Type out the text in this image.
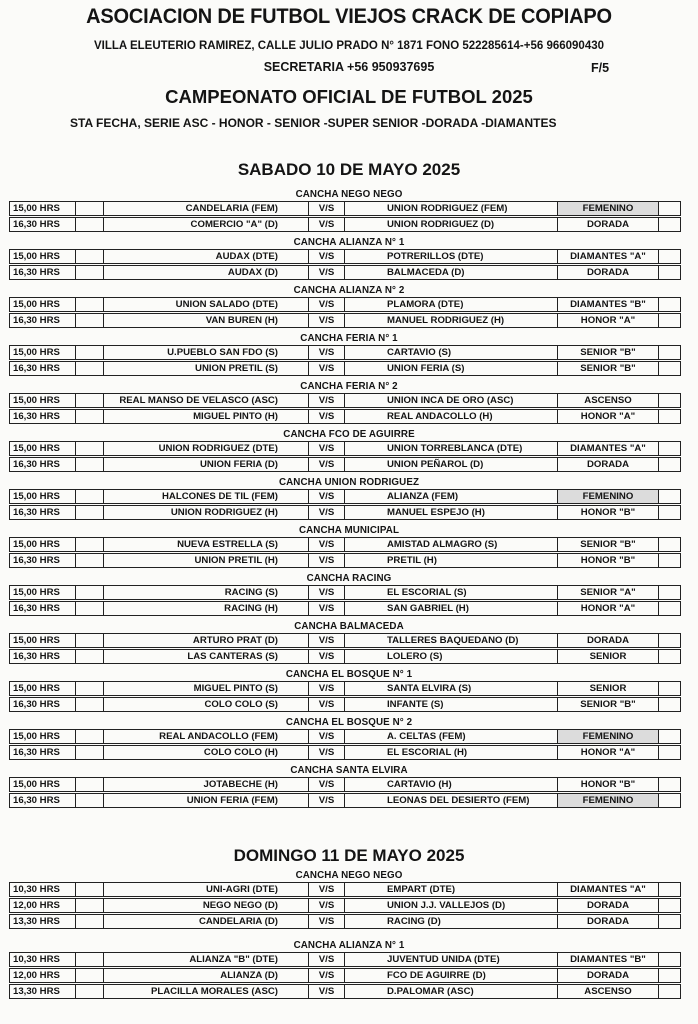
ASOCIACION DE FUTBOL VIEJOS CRACK DE COPIAPO
VILLA ELEUTERIO RAMIREZ, CALLE JULIO PRADO N° 1871 FONO 522285614-+56 966090430
SECRETARIA +56 950937695	F/5
CAMPEONATO OFICIAL DE FUTBOL 2025
STA FECHA, SERIE ASC - HONOR - SENIOR -SUPER SENIOR -DORADA -DIAMANTES
SABADO 10 DE MAYO 2025
CANCHA NEGO NEGO
15,00 HRS	CANDELARIA (FEM)	V/S	UNION RODRIGUEZ (FEM)	FEMENINO
16,30 HRS	COMERCIO "A" (D)	V/S	UNION RODRIGUEZ (D)	DORADA
CANCHA ALIANZA N° 1
15,00 HRS	AUDAX (DTE)	V/S	POTRERILLOS (DTE)	DIAMANTES "A"
16,30 HRS	AUDAX (D)	V/S	BALMACEDA (D)	DORADA
CANCHA ALIANZA N° 2
15,00 HRS	UNION SALADO (DTE)	V/S	PLAMORA (DTE)	DIAMANTES "B"
16,30 HRS	VAN BUREN (H)	V/S	MANUEL RODRIGUEZ (H)	HONOR "A"
CANCHA FERIA N° 1
15,00 HRS	U.PUEBLO SAN FDO (S)	V/S	CARTAVIO (S)	SENIOR "B"
16,30 HRS	UNION PRETIL (S)	V/S	UNION FERIA (S)	SENIOR "B"
CANCHA FERIA N° 2
15,00 HRS	REAL MANSO DE VELASCO (ASC)	V/S	UNION INCA DE ORO (ASC)	ASCENSO
16,30 HRS	MIGUEL PINTO (H)	V/S	REAL ANDACOLLO (H)	HONOR "A"
CANCHA FCO DE AGUIRRE
15,00 HRS	UNION RODRIGUEZ (DTE)	V/S	UNION TORREBLANCA (DTE)	DIAMANTES "A"
16,30 HRS	UNION FERIA (D)	V/S	UNION PEÑAROL (D)	DORADA
CANCHA UNION RODRIGUEZ
15,00 HRS	HALCONES DE TIL (FEM)	V/S	ALIANZA (FEM)	FEMENINO
16,30 HRS	UNION RODRIGUEZ (H)	V/S	MANUEL ESPEJO (H)	HONOR "B"
CANCHA MUNICIPAL
15,00 HRS	NUEVA ESTRELLA (S)	V/S	AMISTAD ALMAGRO (S)	SENIOR "B"
16,30 HRS	UNION PRETIL (H)	V/S	PRETIL (H)	HONOR "B"
CANCHA RACING
15,00 HRS	RACING (S)	V/S	EL ESCORIAL (S)	SENIOR "A"
16,30 HRS	RACING (H)	V/S	SAN GABRIEL (H)	HONOR "A"
CANCHA BALMACEDA
15,00 HRS	ARTURO PRAT (D)	V/S	TALLERES BAQUEDANO (D)	DORADA
16,30 HRS	LAS CANTERAS (S)	V/S	LOLERO (S)	SENIOR
CANCHA EL BOSQUE N° 1
15,00 HRS	MIGUEL PINTO (S)	V/S	SANTA ELVIRA (S)	SENIOR
16,30 HRS	COLO COLO (S)	V/S	INFANTE (S)	SENIOR "B"
CANCHA EL BOSQUE N° 2
15,00 HRS	REAL ANDACOLLO (FEM)	V/S	A. CELTAS (FEM)	FEMENINO
16,30 HRS	COLO COLO (H)	V/S	EL ESCORIAL (H)	HONOR "A"
CANCHA SANTA ELVIRA
15,00 HRS	JOTABECHE (H)	V/S	CARTAVIO (H)	HONOR "B"
16,30 HRS	UNION FERIA (FEM)	V/S	LEONAS DEL DESIERTO (FEM)	FEMENINO
DOMINGO 11 DE MAYO 2025
CANCHA NEGO NEGO
10,30 HRS	UNI-AGRI (DTE)	V/S	EMPART (DTE)	DIAMANTES "A"
12,00 HRS	NEGO NEGO (D)	V/S	UNION J.J. VALLEJOS (D)	DORADA
13,30 HRS	CANDELARIA (D)	V/S	RACING (D)	DORADA
CANCHA ALIANZA N° 1
10,30 HRS	ALIANZA "B" (DTE)	V/S	JUVENTUD UNIDA (DTE)	DIAMANTES "B"
12,00 HRS	ALIANZA (D)	V/S	FCO DE AGUIRRE (D)	DORADA
13,30 HRS	PLACILLA MORALES (ASC)	V/S	D.PALOMAR (ASC)	ASCENSO
